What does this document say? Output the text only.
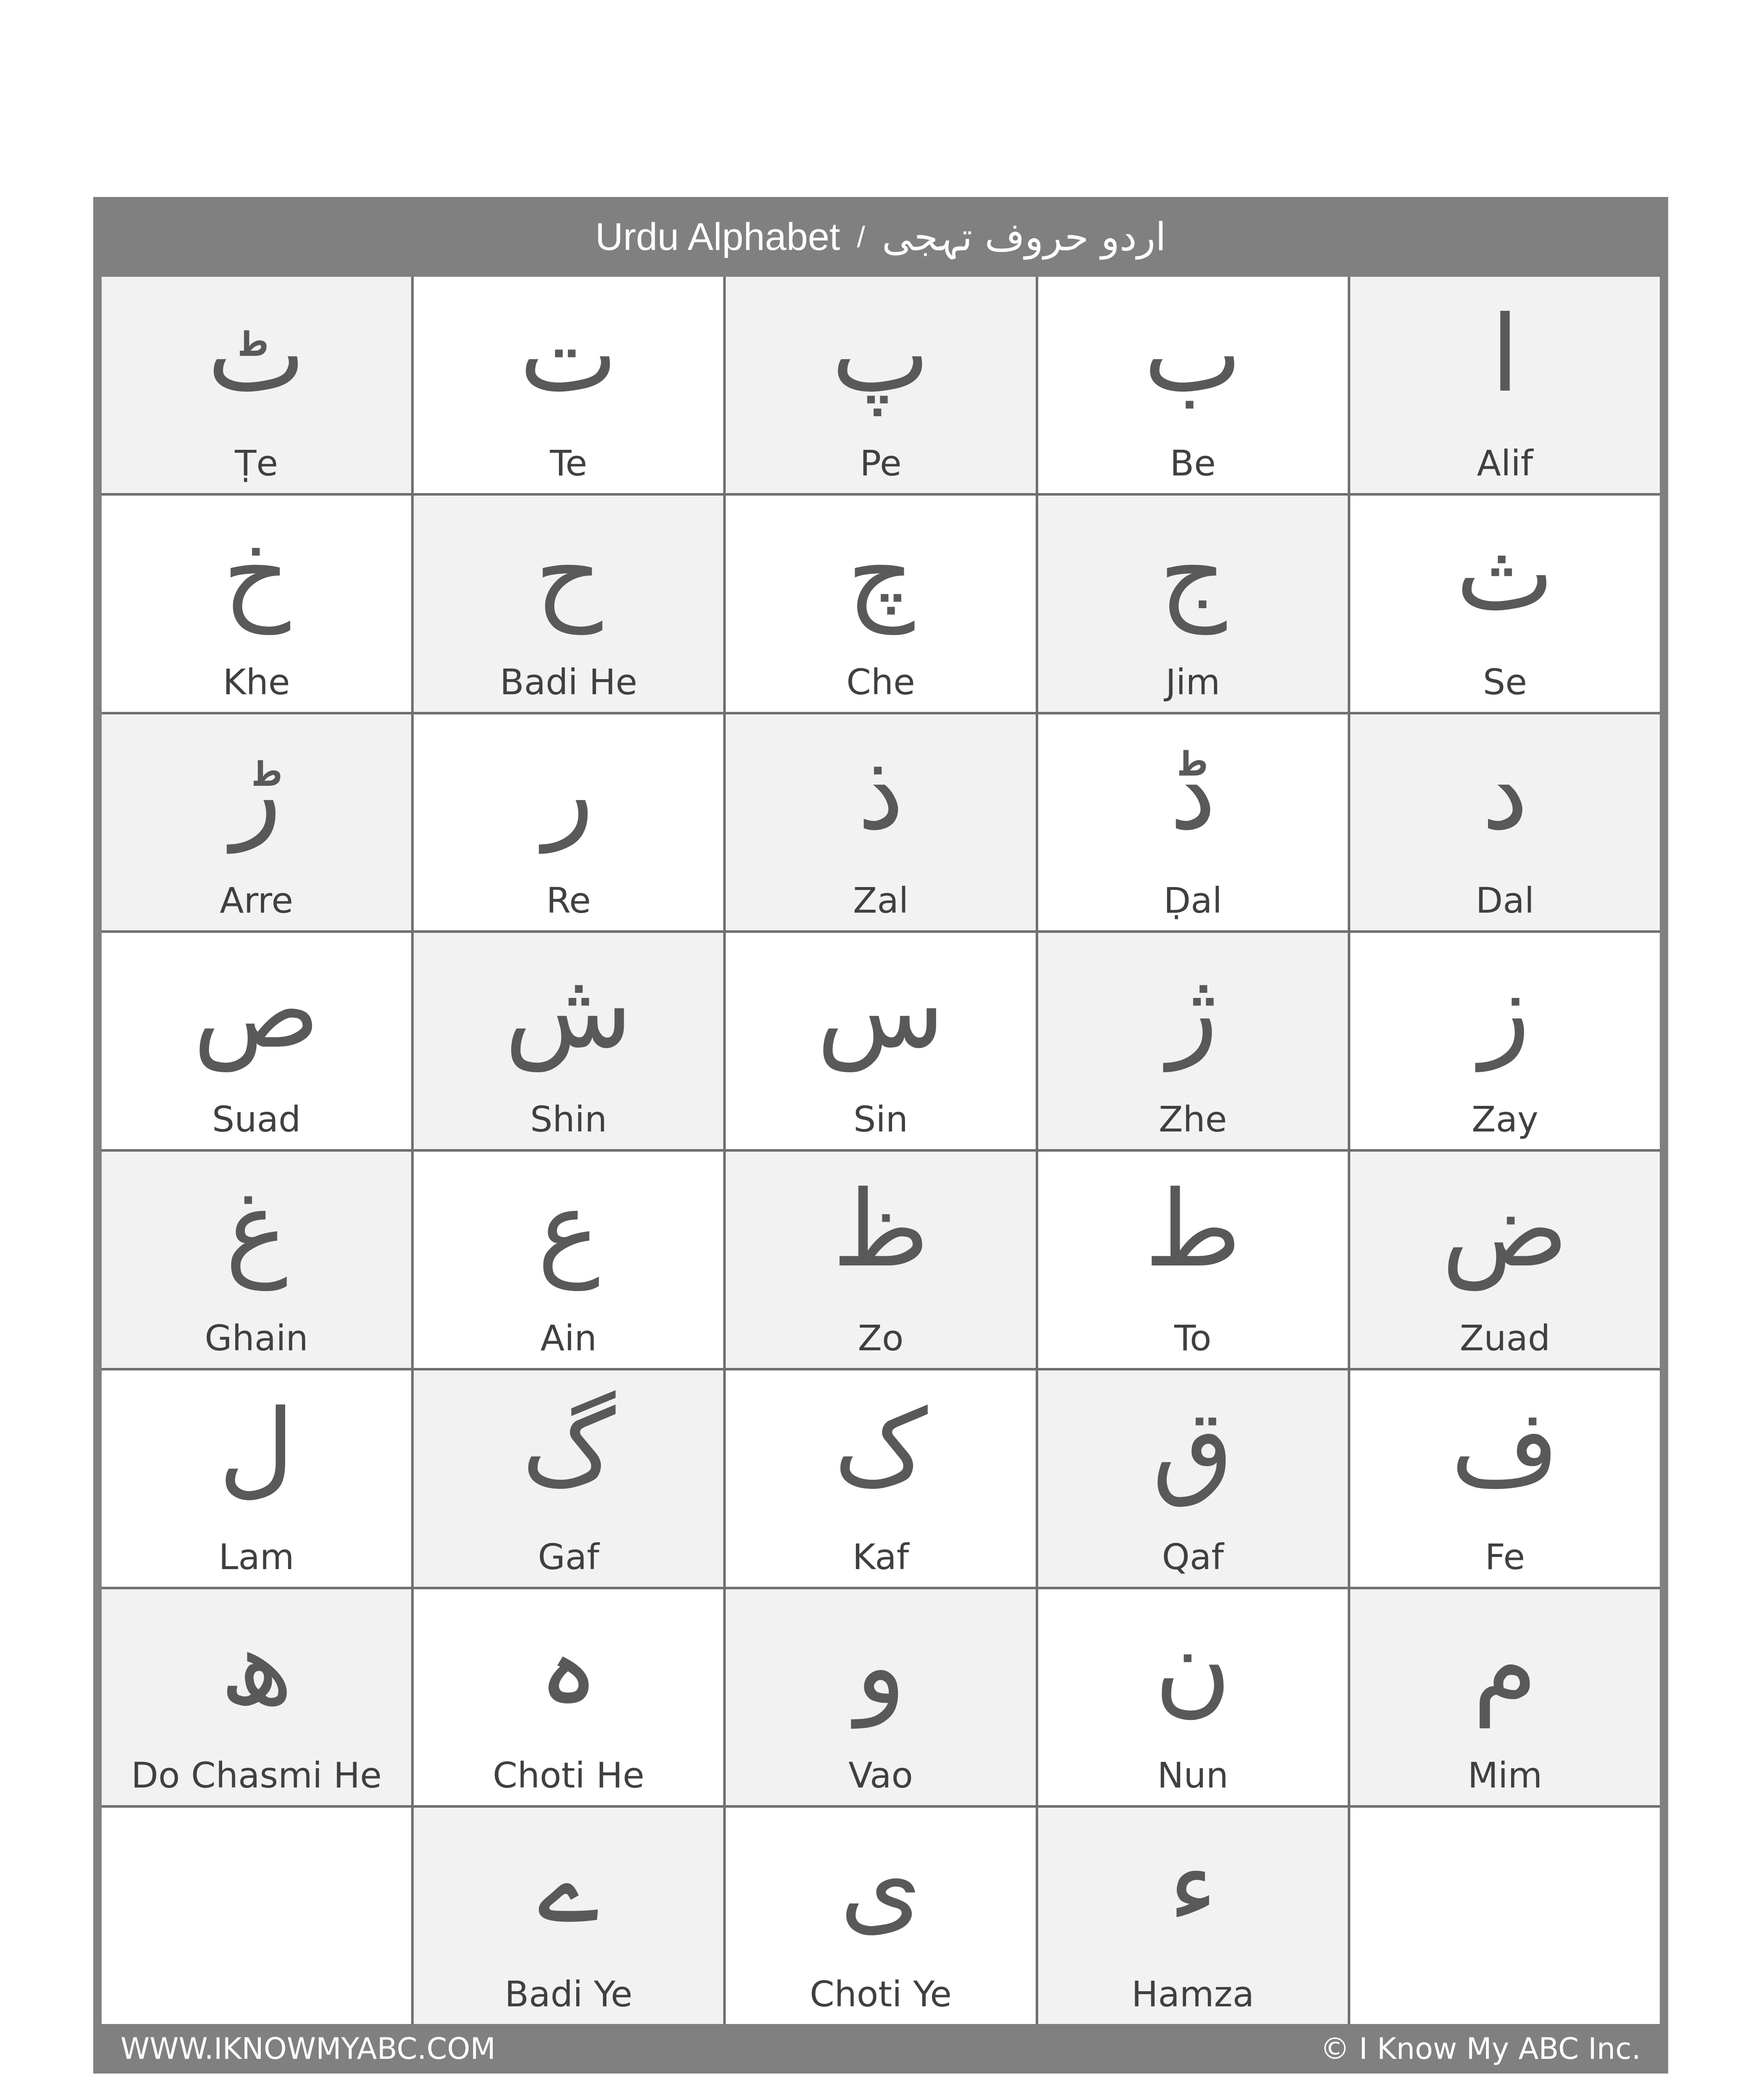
Urdu Alphabet / اردو حروف تہجی
ٹ
Ṭe
ت
Te
پ
Pe
ب
Be
ا
Alif
خ
Khe
ح
Badi He
چ
Che
ج
Jim
ث
Se
ڑ
Arre
ر
Re
ذ
Zal
ڈ
Ḍal
د
Dal
ص
Suad
ش
Shin
س
Sin
ژ
Zhe
ز
Zay
غ
Ghain
ع
Ain
ظ
Zo
ط
To
ض
Zuad
ل
Lam
گ
Gaf
ک
Kaf
ق
Qaf
ف
Fe
ھ
Do Chasmi He
ہ
Choti He
و
Vao
ن
Nun
م
Mim
ے
Badi Ye
ی
Choti Ye
ء
Hamza
WWW.IKNOWMYABC.COM	© I Know My ABC Inc.
